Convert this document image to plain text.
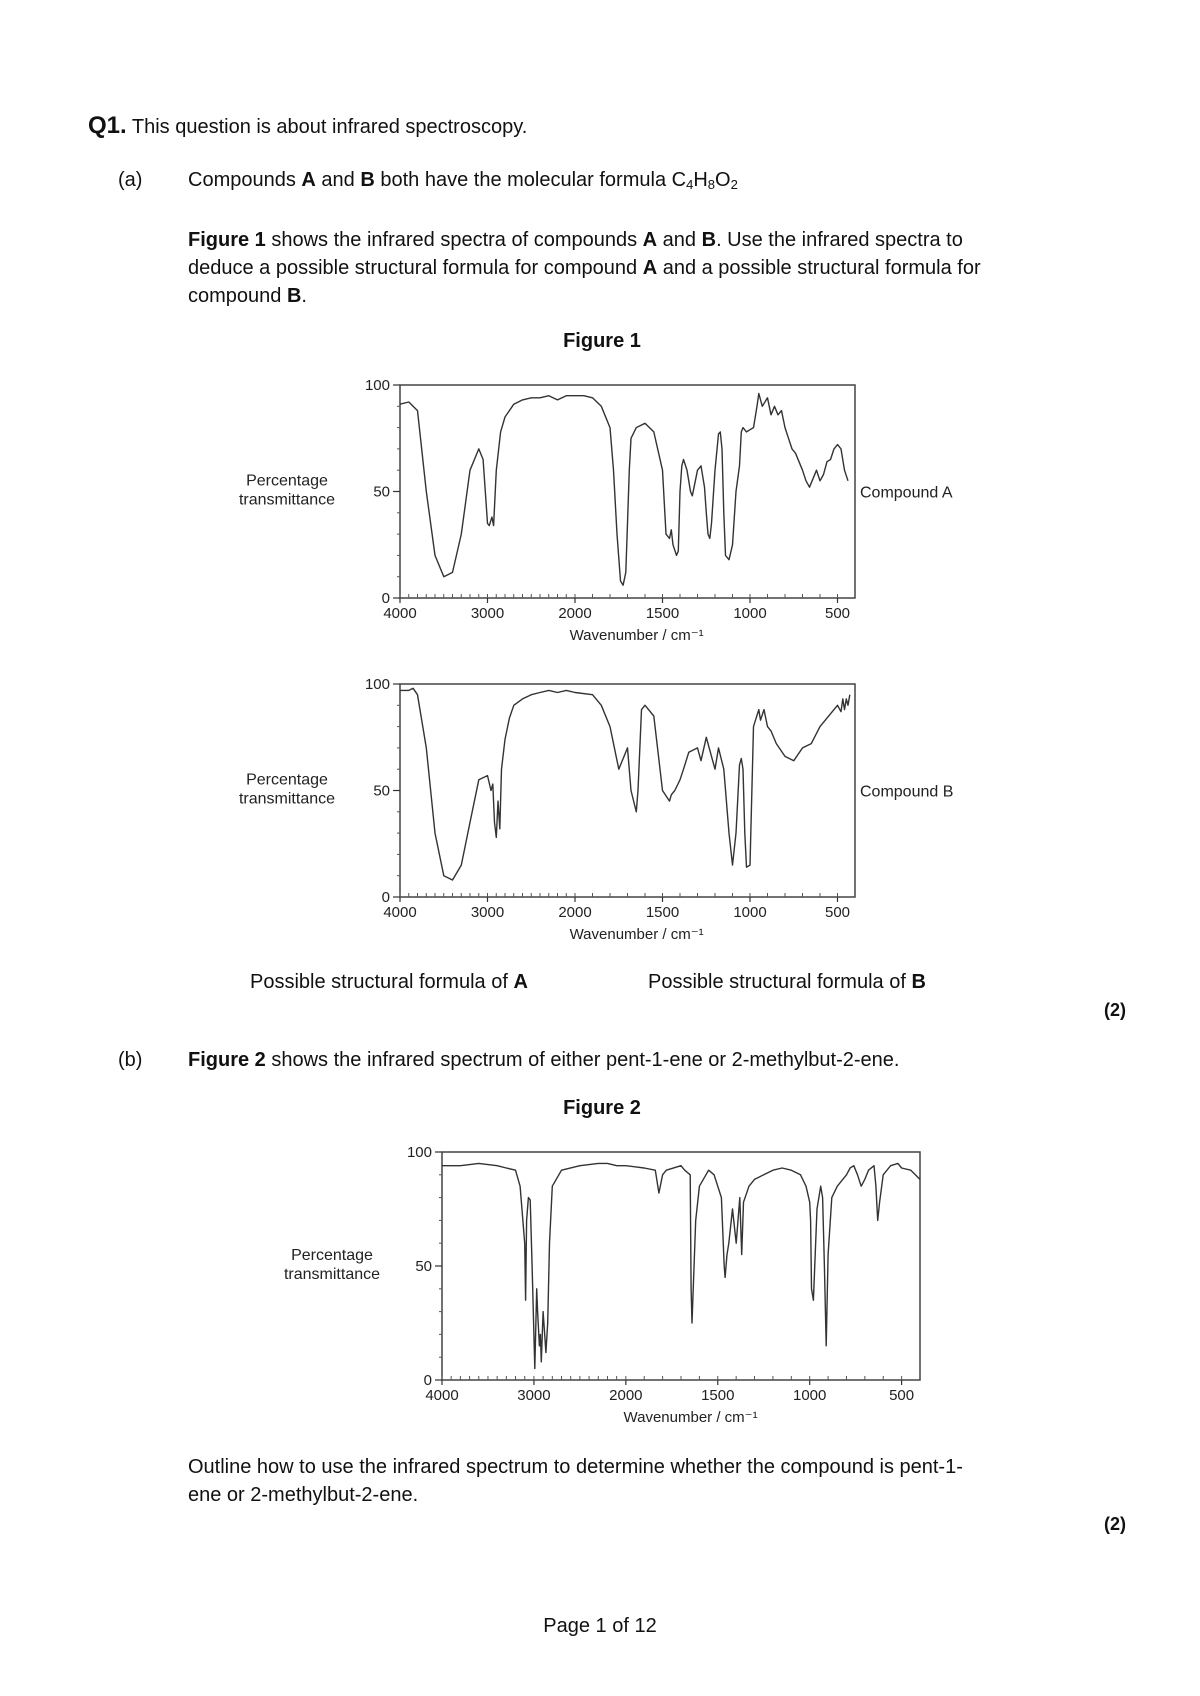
Q1. This question is about infrared spectroscopy.
(a) Compounds A and B both have the molecular formula $C_4H_8O_2$
Figure 1 shows the infrared spectra of compounds A and B. Use the infrared spectra to
deduce a possible structural formula for compound A and a possible structural formula for
compound B.
Figure 1
4000	3000	2000	1500	1000	500
0
50
100
Wavenumber / cm⁻¹
Percentage
transmittance	Compound A
4000	3000	2000	1500	1000	500
0
50
100
Wavenumber / cm⁻¹
Percentage
transmittance	Compound B
Possible structural formula of A	Possible structural formula of B
(2)
(b) Figure 2 shows the infrared spectrum of either pent-1-ene or 2-methylbut-2-ene.
Figure 2
4000	3000	2000	1500	1000	500
0
50
100
Wavenumber / cm⁻¹
Percentage
transmittance
Outline how to use the infrared spectrum to determine whether the compound is pent-1-
ene or 2-methylbut-2-ene.
(2)
Page 1 of 12
